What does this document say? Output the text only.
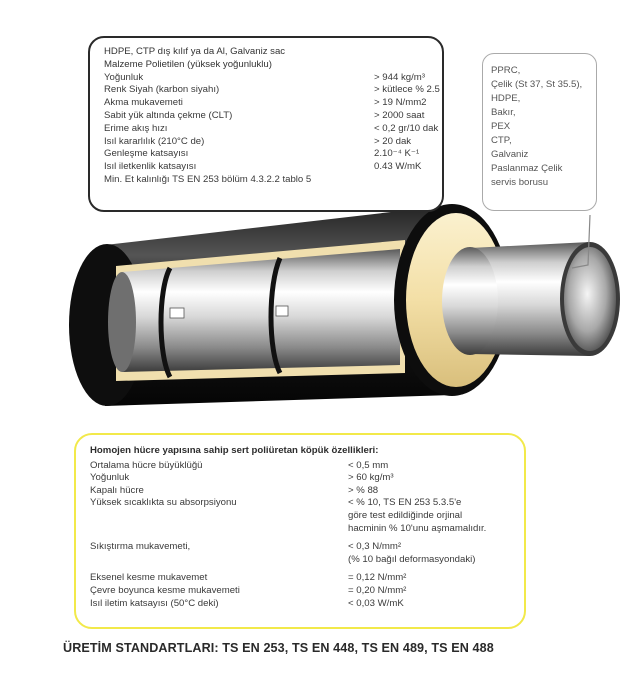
HDPE, CTP dış kılıf ya da Al, Galvaniz sac
Malzeme Polietilen (yüksek yoğunluklu)
Yoğunluk	> 944 kg/m³
Renk Siyah (karbon siyahı)	> kütlece % 2.5
Akma mukavemeti	> 19 N/mm2
Sabit yük altında çekme (CLT)	> 2000 saat
Erime akış hızı	< 0,2 gr/10 dak
Isıl kararlılık (210°C de)	> 20 dak
Genleşme katsayısı	2.10⁻⁴ K⁻¹
Isıl iletkenlik katsayısı	0.43 W/mK
Min. Et kalınlığı TS EN 253 bölüm 4.3.2.2 tablo 5
PPRC,
Çelik (St 37, St 35.5),
HDPE,
Bakır,
PEX
CTP,
Galvaniz
Paslanmaz Çelik
servis borusu
Homojen hücre yapısına sahip sert poliüretan köpük özellikleri:
Ortalama hücre büyüklüğü	< 0,5 mm
Yoğunluk	> 60 kg/m³
Kapalı hücre	> % 88
Yüksek sıcaklıkta su absorpsiyonu	< % 10, TS EN 253 5.3.5'e
göre test edildiğinde orjinal
hacminin % 10'unu aşmamalıdır.
Sıkıştırma mukavemeti,	< 0,3 N/mm²
(% 10 bağıl deformasyondaki)
Eksenel kesme mukavemet	= 0,12 N/mm²
Çevre boyunca kesme mukavemeti	= 0,20 N/mm²
Isıl iletim katsayısı (50°C deki)	< 0,03 W/mK
ÜRETİM STANDARTLARI: TS EN 253, TS EN 448, TS EN 489, TS EN 488
